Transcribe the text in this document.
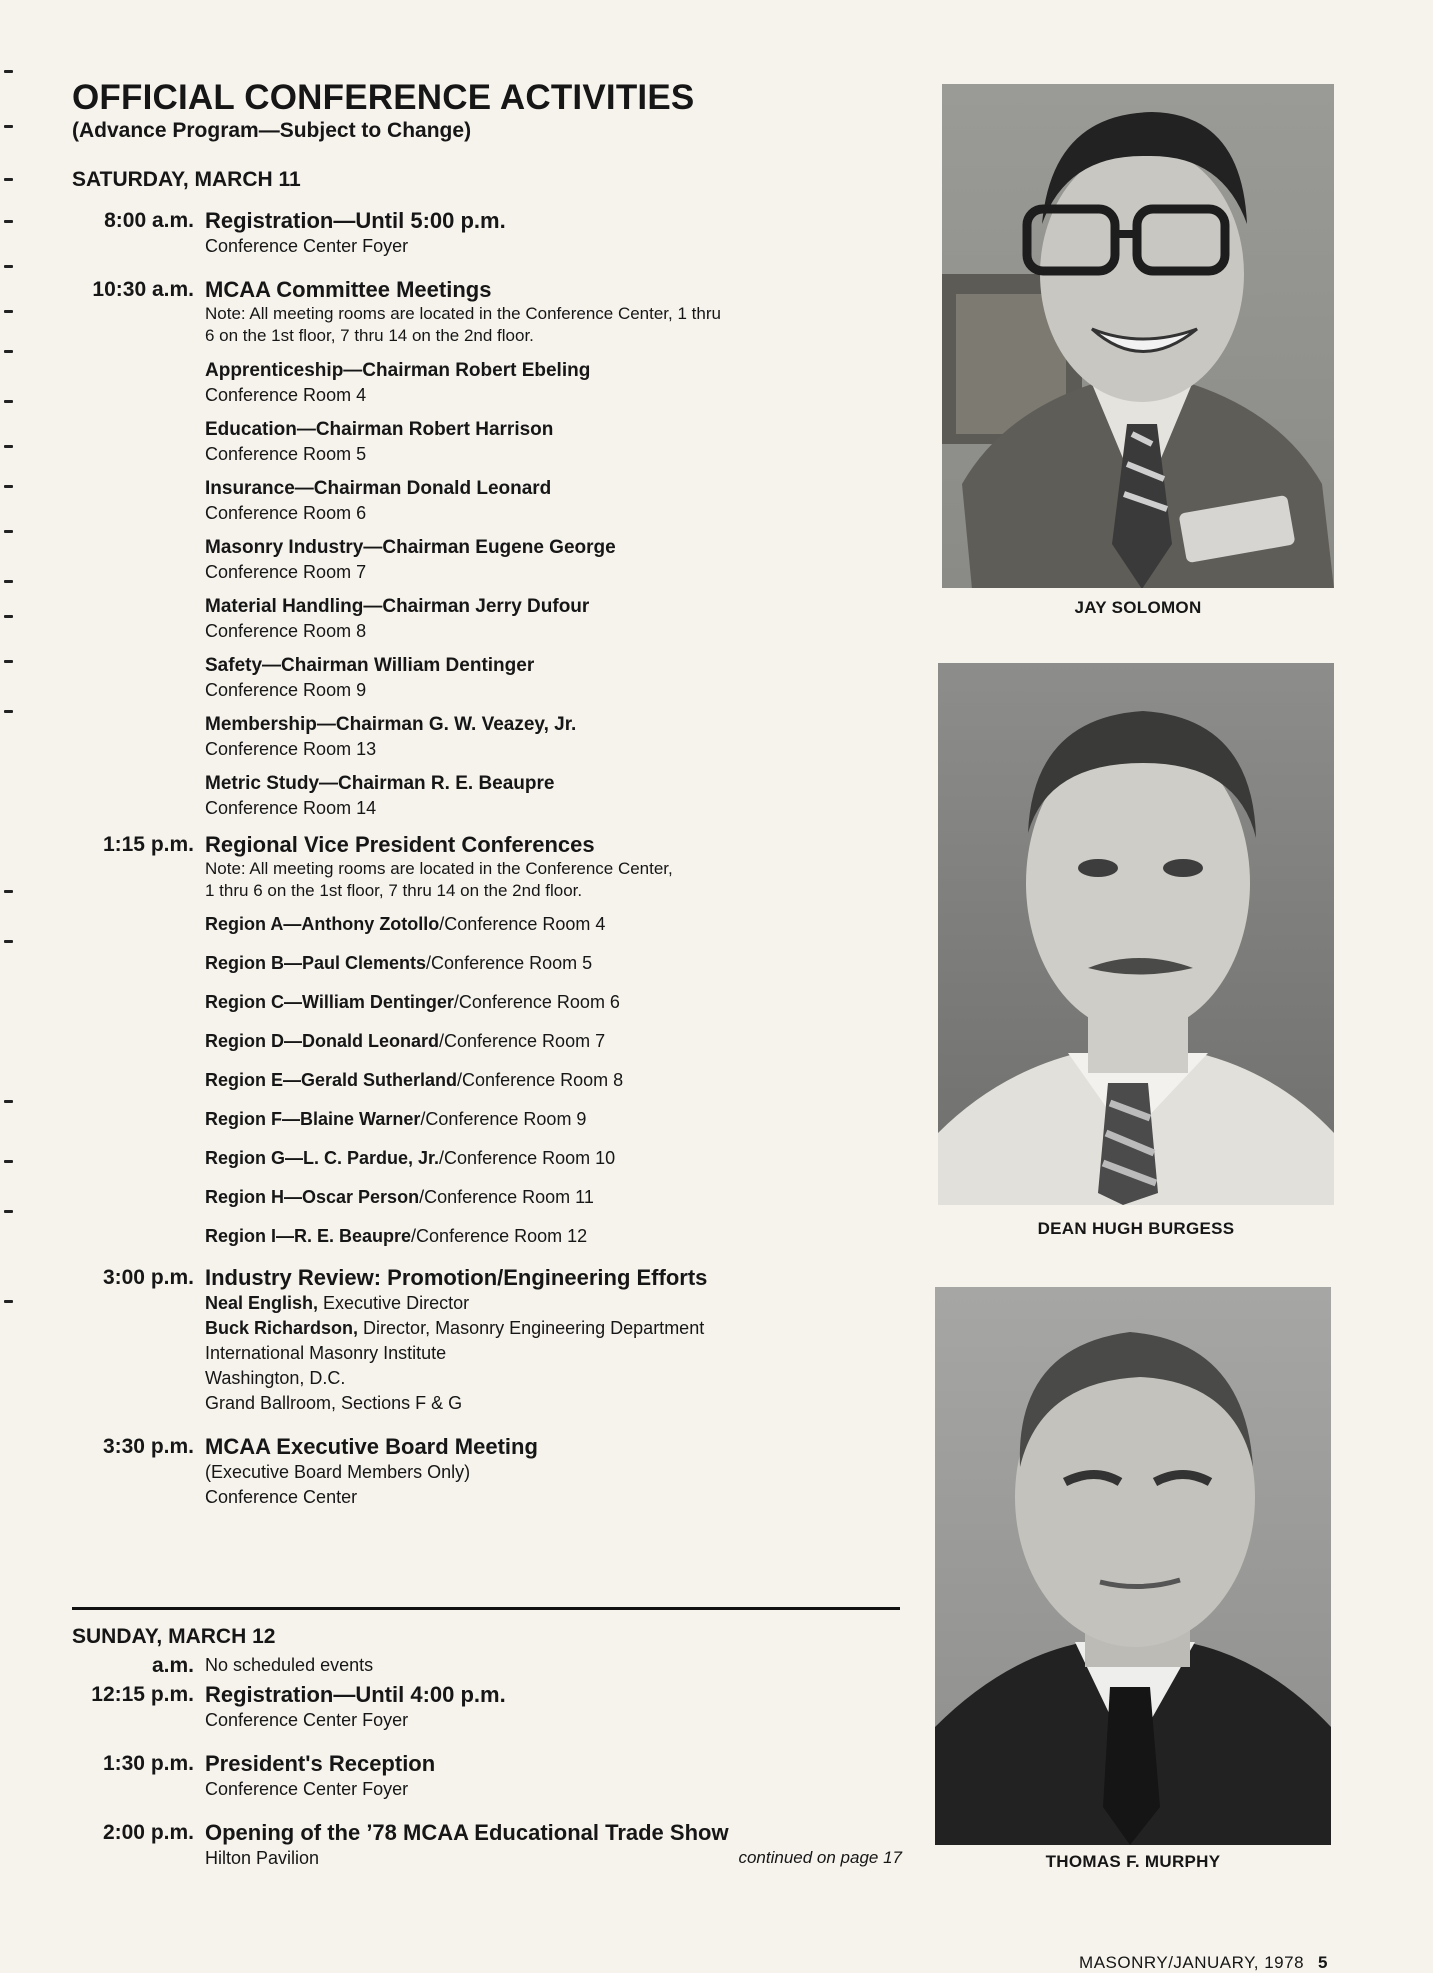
OFFICIAL CONFERENCE ACTIVITIES
(Advance Program—Subject to Change)
SATURDAY, MARCH 11
8:00 a.m. Registration—Until 5:00 p.m.
Conference Center Foyer
10:30 a.m. MCAA Committee Meetings
Note: All meeting rooms are located in the Conference Center, 1 thru
6 on the 1st floor, 7 thru 14 on the 2nd floor.
Apprenticeship—Chairman Robert Ebeling
Conference Room 4
Education—Chairman Robert Harrison
Conference Room 5
Insurance—Chairman Donald Leonard
Conference Room 6
Masonry Industry—Chairman Eugene George
Conference Room 7
Material Handling—Chairman Jerry Dufour
Conference Room 8
Safety—Chairman William Dentinger
Conference Room 9
Membership—Chairman G. W. Veazey, Jr.
Conference Room 13
Metric Study—Chairman R. E. Beaupre
Conference Room 14
1:15 p.m. Regional Vice President Conferences
Note: All meeting rooms are located in the Conference Center,
1 thru 6 on the 1st floor, 7 thru 14 on the 2nd floor.
Region A—Anthony Zotollo/Conference Room 4
Region B—Paul Clements/Conference Room 5
Region C—William Dentinger/Conference Room 6
Region D—Donald Leonard/Conference Room 7
Region E—Gerald Sutherland/Conference Room 8
Region F—Blaine Warner/Conference Room 9
Region G—L. C. Pardue, Jr./Conference Room 10
Region H—Oscar Person/Conference Room 11
Region I—R. E. Beaupre/Conference Room 12
3:00 p.m. Industry Review: Promotion/Engineering Efforts
Neal English, Executive Director
Buck Richardson, Director, Masonry Engineering Department
International Masonry Institute
Washington, D.C.
Grand Ballroom, Sections F & G
3:30 p.m. MCAA Executive Board Meeting
(Executive Board Members Only)
Conference Center
SUNDAY, MARCH 12
a.m. No scheduled events
12:15 p.m. Registration—Until 4:00 p.m.
Conference Center Foyer
1:30 p.m. President's Reception
Conference Center Foyer
2:00 p.m. Opening of the ’78 MCAA Educational Trade Show
Hilton Pavilion	continued on page 17
JAY SOLOMON
DEAN HUGH BURGESS
THOMAS F. MURPHY
MASONRY/JANUARY, 1978 5
